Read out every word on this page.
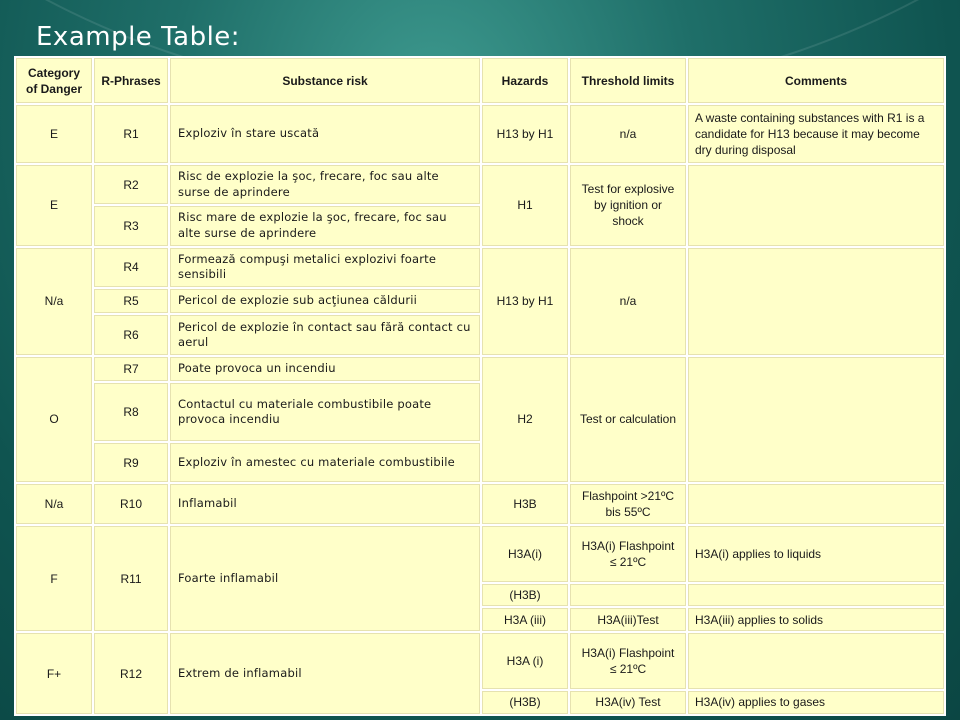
Example Table:
Category of Danger	R-Phrases	Substance risk	Hazards	Threshold limits	Comments
E	R1	Exploziv în stare uscată	H13 by H1	n/a	A waste containing substances with R1 is a candidate for H13 because it may become dry during disposal
E	R2	Risc de explozie la şoc, frecare, foc sau alte surse de aprindere	H1	Test for explosive by ignition or shock	
	R3	Risc mare de explozie la şoc, frecare, foc sau alte surse de aprindere			
N/a	R4	Formează compuşi metalici explozivi foarte sensibili	H13 by H1	n/a	
	R5	Pericol de explozie sub acţiunea căldurii			
	R6	Pericol de explozie în contact sau fără contact cu aerul			
O	R7	Poate provoca un incendiu	H2	Test or calculation	
	R8	Contactul cu materiale combustibile poate provoca incendiu			
	R9	Exploziv în amestec cu materiale combustibile			
N/a	R10	Inflamabil	H3B	Flashpoint >21ºC bis 55ºC	
F	R11	Foarte inflamabil	H3A(i)	H3A(i) Flashpoint ≤ 21ºC	H3A(i) applies to liquids
			(H3B)		
			H3A (iii)	H3A(iii)Test	H3A(iii) applies to solids
F+	R12	Extrem de inflamabil	H3A (i)	H3A(i) Flashpoint ≤ 21ºC	
			(H3B)	H3A(iv) Test	H3A(iv) applies to gases
